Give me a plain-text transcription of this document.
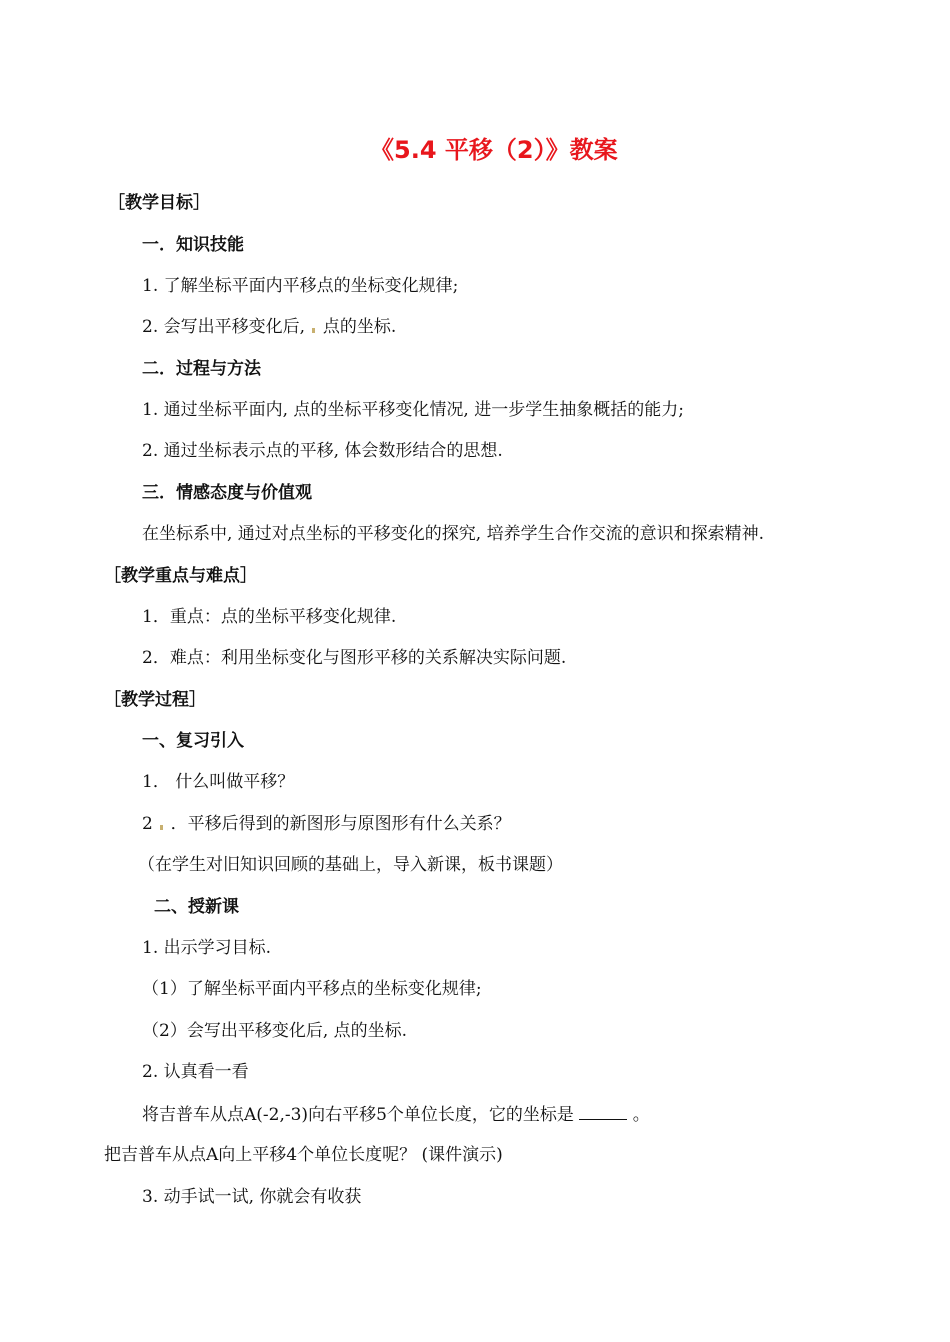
《5.4 平移（2）》教案
［教学目标］
一．知识技能
1. 了解坐标平面内平移点的坐标变化规律;
2. 会写出平移变化后, 点的坐标.
二．过程与方法
1. 通过坐标平面内, 点的坐标平移变化情况, 进一步学生抽象概括的能力;
2. 通过坐标表示点的平移, 体会数形结合的思想.
三．情感态度与价值观
在坐标系中, 通过对点坐标的平移变化的探究, 培养学生合作交流的意识和探索精神.
［教学重点与难点］
1．重点：点的坐标平移变化规律.
2．难点：利用坐标变化与图形平移的关系解决实际问题.
［教学过程］
一、复习引入
1． 什么叫做平移？
2 ．平移后得到的新图形与原图形有什么关系？
（在学生对旧知识回顾的基础上，导入新课，板书课题）
二、授新课
1. 出示学习目标.
（1）了解坐标平面内平移点的坐标变化规律;
（2）会写出平移变化后, 点的坐标.
2. 认真看一看
将吉普车从点A(-2,-3)向右平移5个单位长度，它的坐标是	。
把吉普车从点A向上平移4个单位长度呢？ (课件演示)
3. 动手试一试, 你就会有收获
